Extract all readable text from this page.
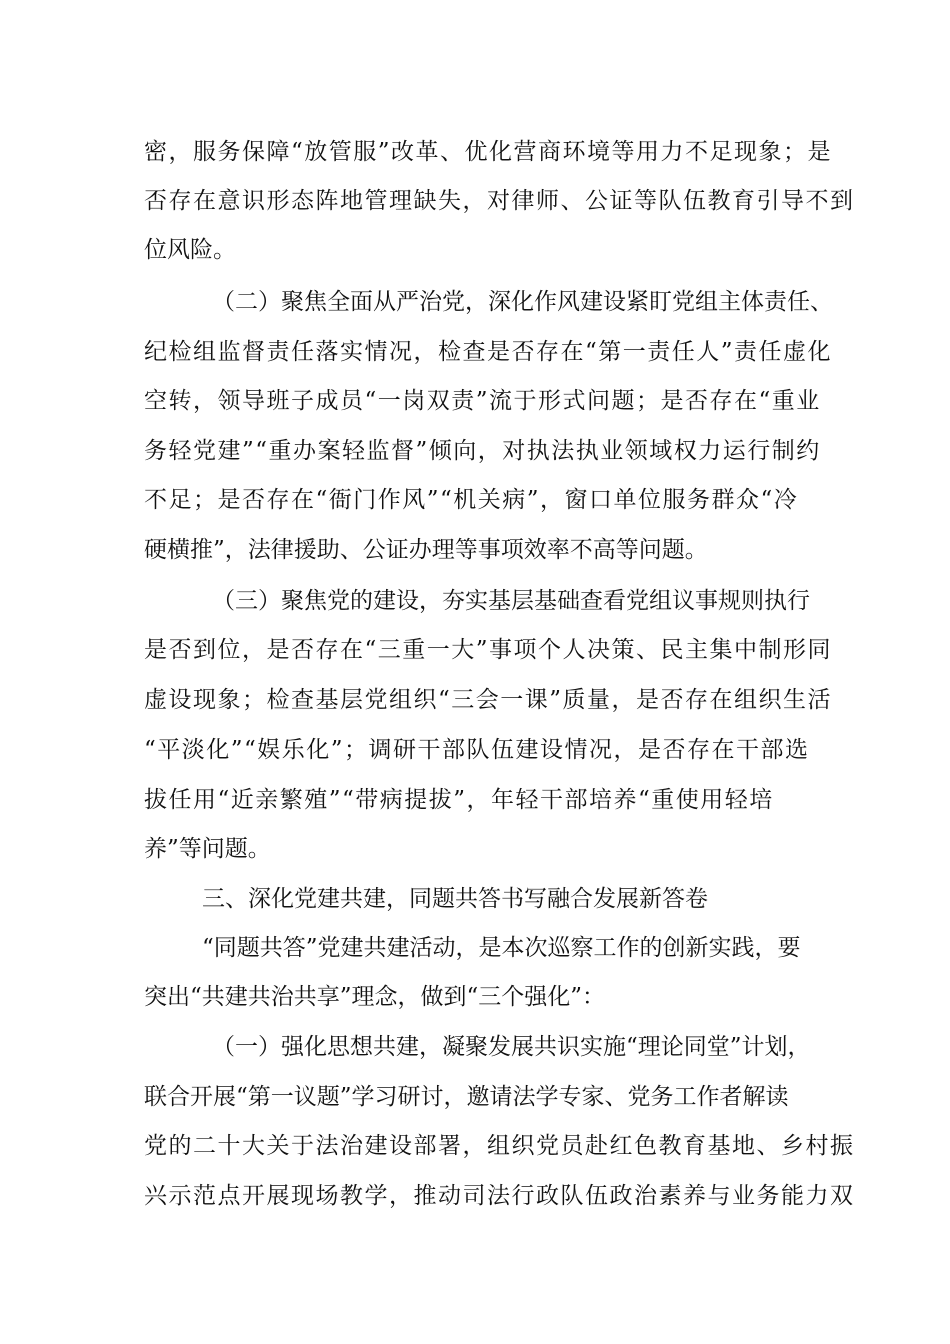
密，服务保障“放管服”改革、优化营商环境等用力不足现象；是
否存在意识形态阵地管理缺失，对律师、公证等队伍教育引导不到
位风险。
（二）聚焦全面从严治党，深化作风建设紧盯党组主体责任、
纪检组监督责任落实情况，检查是否存在“第一责任人”责任虚化
空转，领导班子成员“一岗双责”流于形式问题；是否存在“重业
务轻党建”“重办案轻监督”倾向，对执法执业领域权力运行制约
不足；是否存在“衙门作风”“机关病”，窗口单位服务群众“冷
硬横推”，法律援助、公证办理等事项效率不高等问题。
（三）聚焦党的建设，夯实基层基础查看党组议事规则执行
是否到位，是否存在“三重一大”事项个人决策、民主集中制形同
虚设现象；检查基层党组织“三会一课”质量，是否存在组织生活
“平淡化”“娱乐化”；调研干部队伍建设情况，是否存在干部选
拔任用“近亲繁殖”“带病提拔”，年轻干部培养“重使用轻培
养”等问题。
三、深化党建共建，同题共答书写融合发展新答卷
“同题共答”党建共建活动，是本次巡察工作的创新实践，要
突出“共建共治共享”理念，做到“三个强化”：
（一）强化思想共建，凝聚发展共识实施“理论同堂”计划，
联合开展“第一议题”学习研讨，邀请法学专家、党务工作者解读
党的二十大关于法治建设部署，组织党员赴红色教育基地、乡村振
兴示范点开展现场教学，推动司法行政队伍政治素养与业务能力双
